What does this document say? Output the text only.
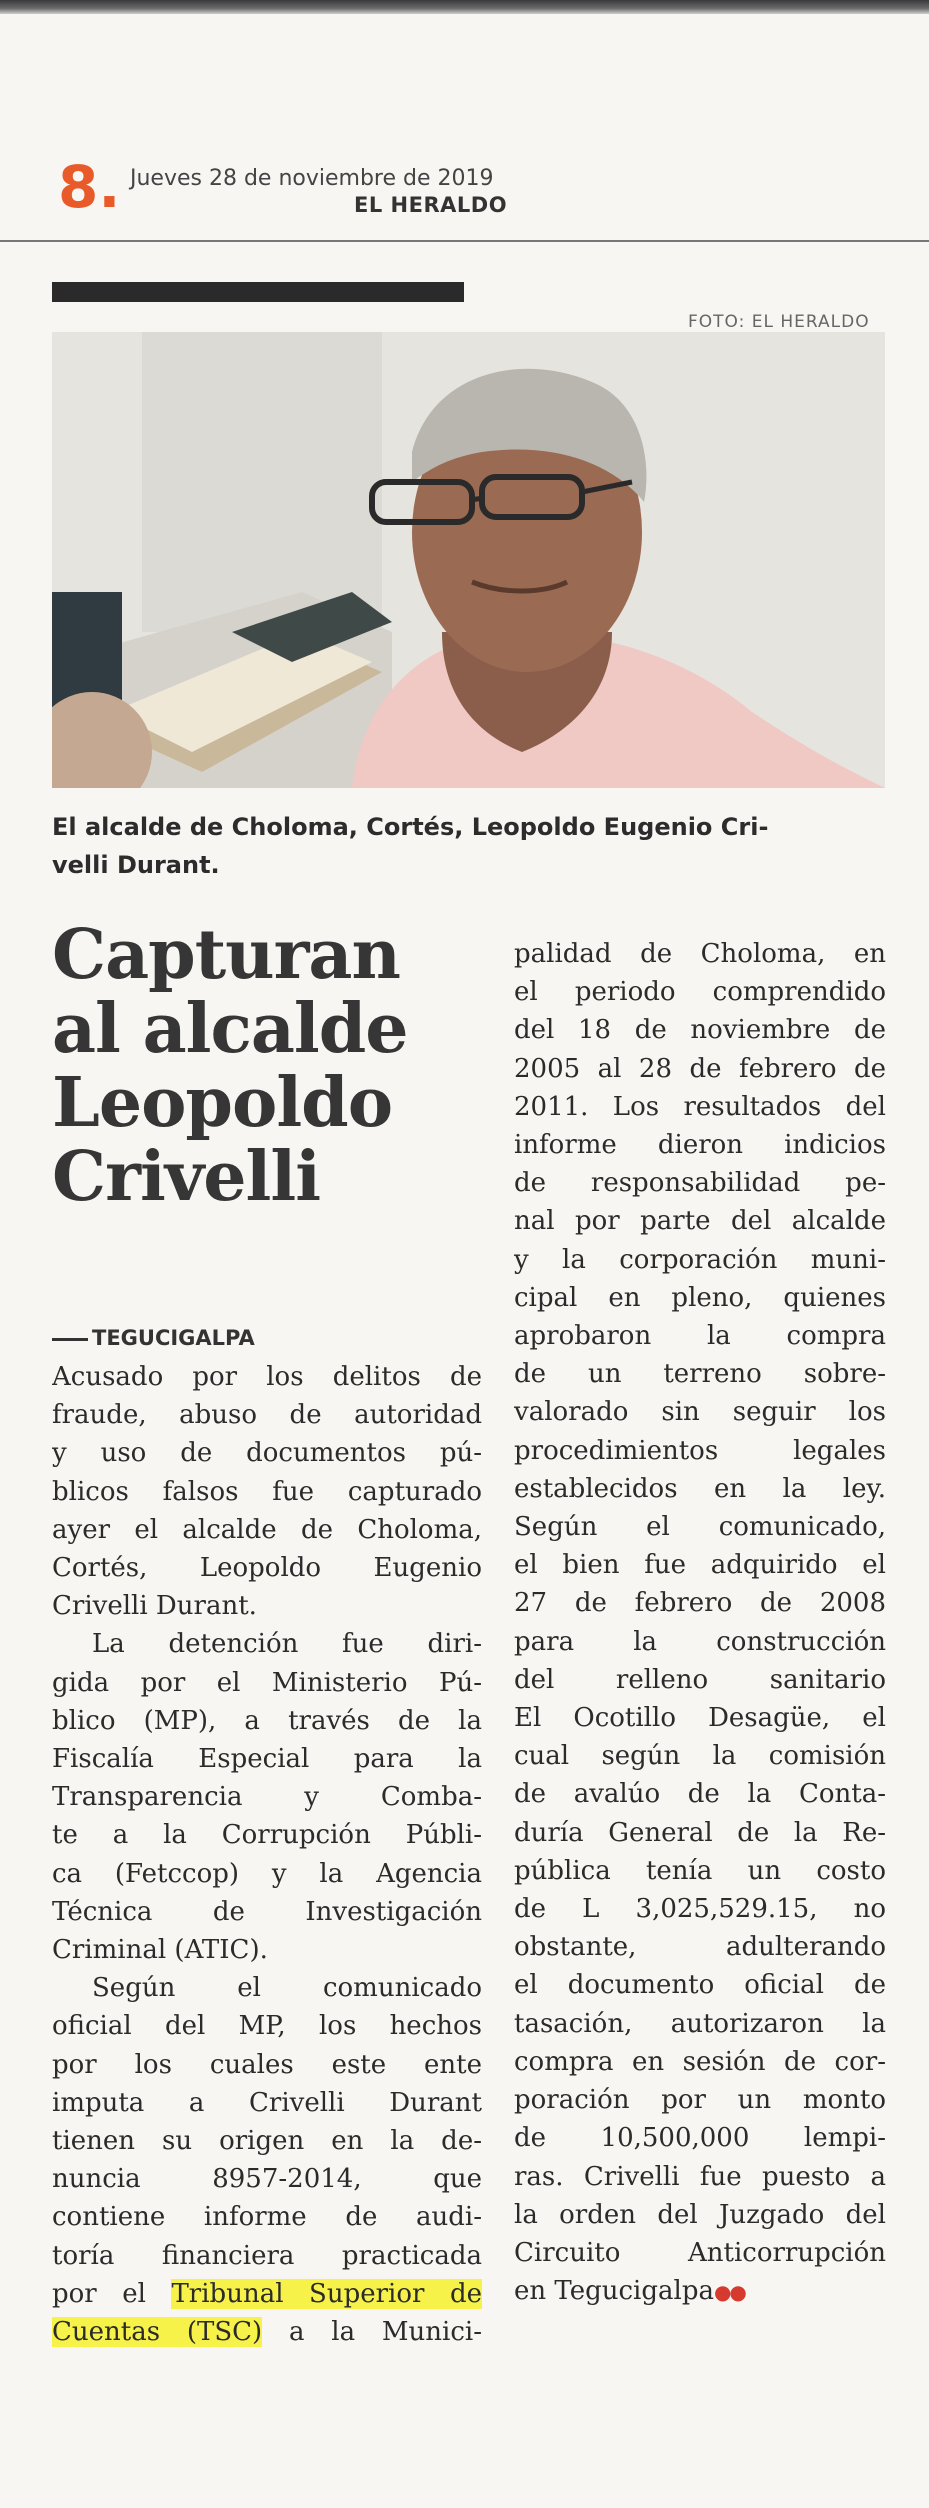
8. Jueves 28 de noviembre de 2019
EL HERALDO
FOTO: EL HERALDO
El alcalde de Choloma, Cortés, Leopoldo Eugenio Cri-
velli Durant.
Capturan
al alcalde
Leopoldo
Crivelli
TEGUCIGALPA
Acusado por los delitos de
fraude, abuso de autoridad
y uso de documentos pú-
blicos falsos fue capturado
ayer el alcalde de Choloma,
Cortés, Leopoldo Eugenio
Crivelli Durant.
La detención fue diri-
gida por el Ministerio Pú-
blico (MP), a través de la
Fiscalía Especial para la
Transparencia y Comba-
te a la Corrupción Públi-
ca (Fetccop) y la Agencia
Técnica de Investigación
Criminal (ATIC).
Según el comunicado
oficial del MP, los hechos
por los cuales este ente
imputa a Crivelli Durant
tienen su origen en la de-
nuncia 8957-2014, que
contiene informe de audi-
toría financiera practicada
por el Tribunal Superior de
Cuentas (TSC) a la Munici-
palidad de Choloma, en
el periodo comprendido
del 18 de noviembre de
2005 al 28 de febrero de
2011. Los resultados del
informe dieron indicios
de responsabilidad pe-
nal por parte del alcalde
y la corporación muni-
cipal en pleno, quienes
aprobaron la compra
de un terreno sobre-
valorado sin seguir los
procedimientos legales
establecidos en la ley.
Según el comunicado,
el bien fue adquirido el
27 de febrero de 2008
para la construcción
del relleno sanitario
El Ocotillo Desagüe, el
cual según la comisión
de avalúo de la Conta-
duría General de la Re-
pública tenía un costo
de L 3,025,529.15, no
obstante, adulterando
el documento oficial de
tasación, autorizaron la
compra en sesión de cor-
poración por un monto
de 10,500,000 lempi-
ras. Crivelli fue puesto a
la orden del Juzgado del
Circuito Anticorrupción
en Tegucigalpa●●
